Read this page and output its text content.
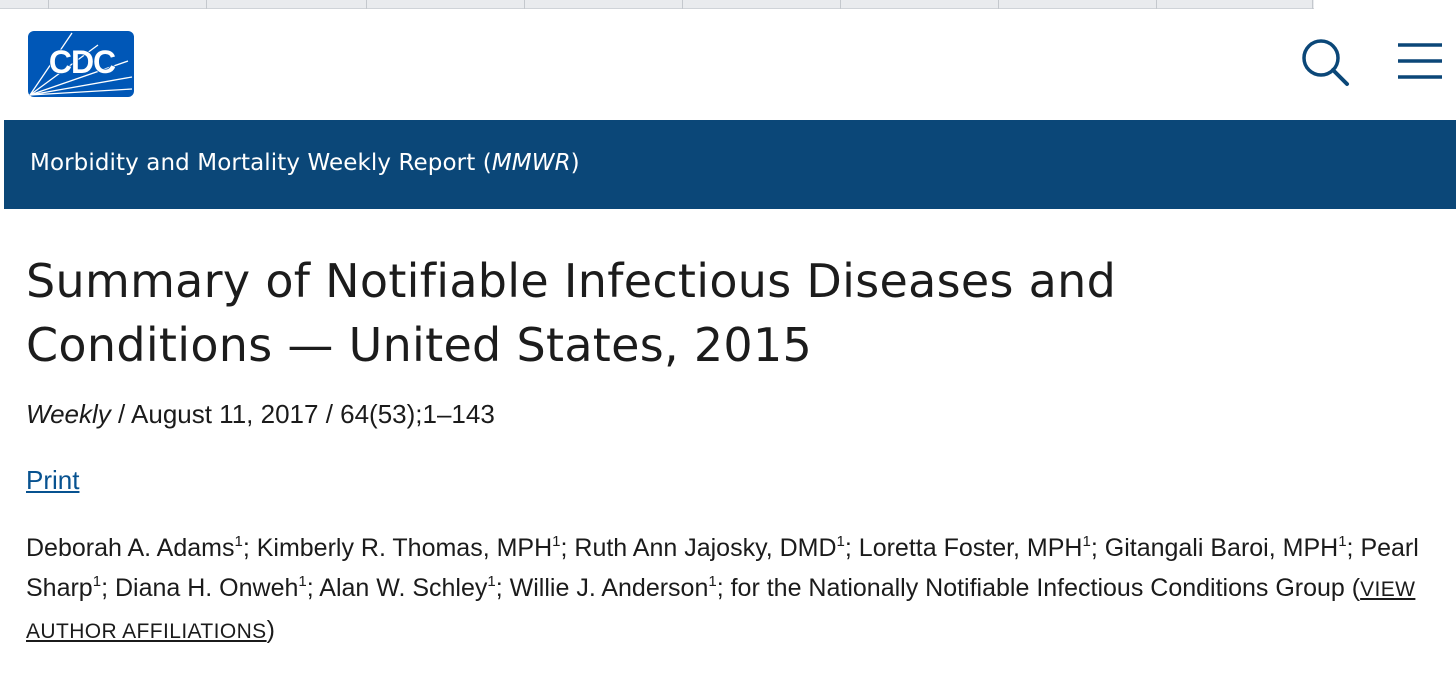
CDC
Morbidity and Mortality Weekly Report (MMWR)
Summary of Notifiable Infectious Diseases and Conditions — United States, 2015
Weekly / August 11, 2017 / 64(53);1–143
Print

Deborah A. Adams$^1$; Kimberly R. Thomas, MPH$^1$; Ruth Ann Jajosky, DMD$^1$; Loretta Foster, MPH$^1$; Gitangali Baroi, MPH$^1$; Pearl Sharp$^1$; Diana H. Onweh$^1$; Alan W. Schley$^1$; Willie J. Anderson$^1$; for the Nationally Notifiable Infectious Conditions Group (VIEW AUTHOR AFFILIATIONS)
